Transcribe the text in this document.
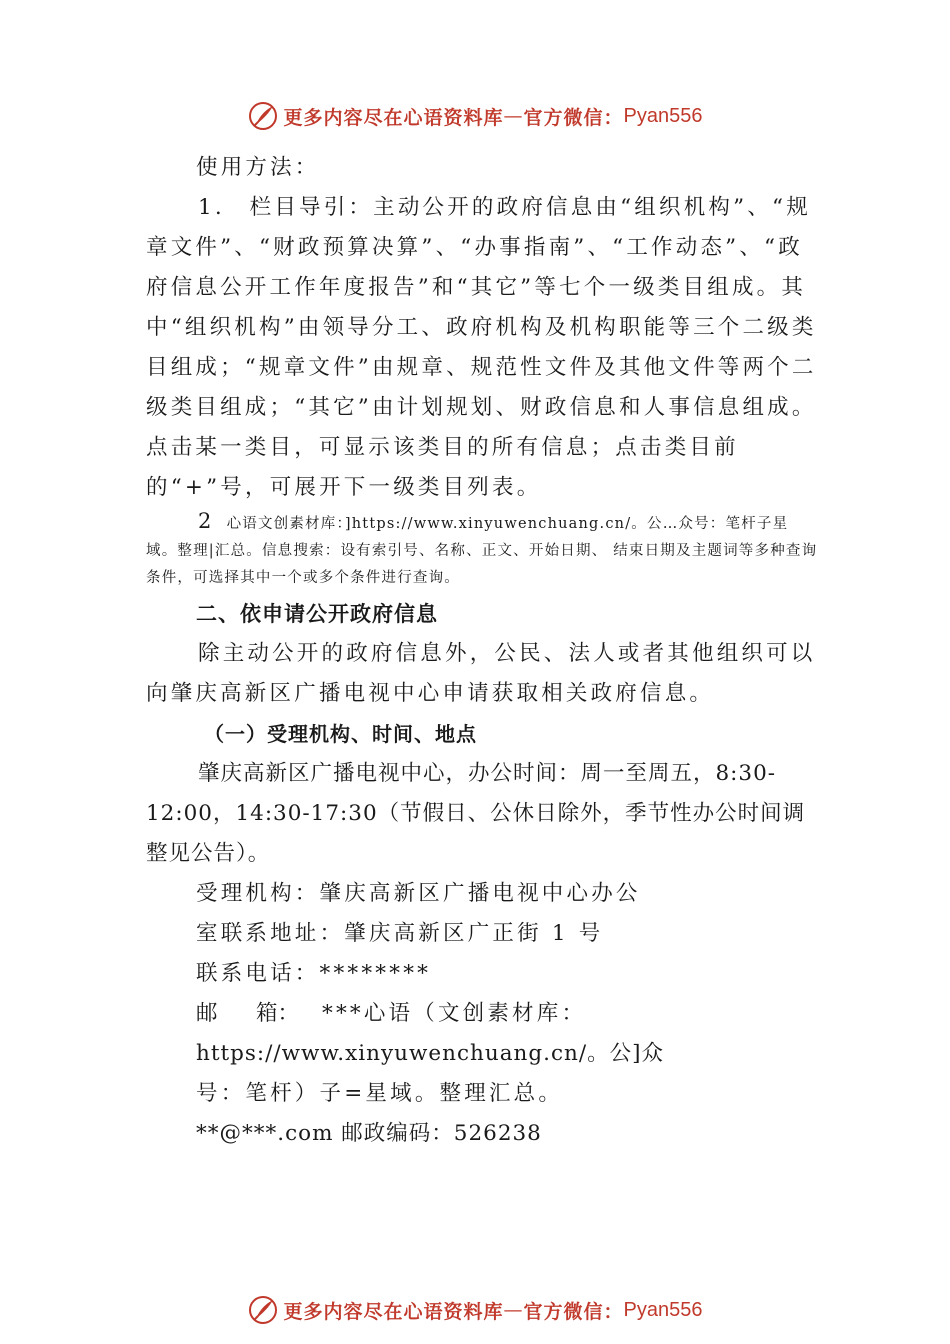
更多内容尽在心语资料库 — 官方微信： Pyan556

使用方法：

1.　栏目导引：主动公开的政府信息由“组织机构”、“规章文件”、“财政预算决算”、“办事指南”、“工作动态”、“政府信息公开工作年度报告”和“其它”等七个一级类目组成。其中“组织机构”由领导分工、政府机构及机构职能等三个二级类目组成；“规章文件”由规章、规范性文件及其他文件等两个二级类目组成；“其它”由计划规划、财政信息和人事信息组成。点击某一类目，可显示该类目的所有信息；点击类目前的“+”号，可展开下一级类目列表。

2 心语文创素材库：]https://www.xinyuwenchuang.cn/。公…众号：笔杆子星域。整理|汇总。信息搜索：设有索引号、名称、正文、开始日期、 结束日期及主题词等多种查询条件，可选择其中一个或多个条件进行查询。

二、依申请公开政府信息

除主动公开的政府信息外，公民、法人或者其他组织可以向肇庆高新区广播电视中心申请获取相关政府信息。

（一）受理机构、时间、地点

肇庆高新区广播电视中心，办公时间：周一至周五，8:30-12:00，14:30-17:30（节假日、公休日除外，季节性办公时间调整见公告）。

受理机构：肇庆高新区广播电视中心办公

室联系地址：肇庆高新区广正街 1 号

联系电话：********

邮 箱： ***心语（文创素材库：

https://www.xinyuwenchuang.cn/。公]众

号：笔杆）子=星域。整理汇总。

**@***.com 邮政编码：526238

更多内容尽在心语资料库 — 官方微信： Pyan556
